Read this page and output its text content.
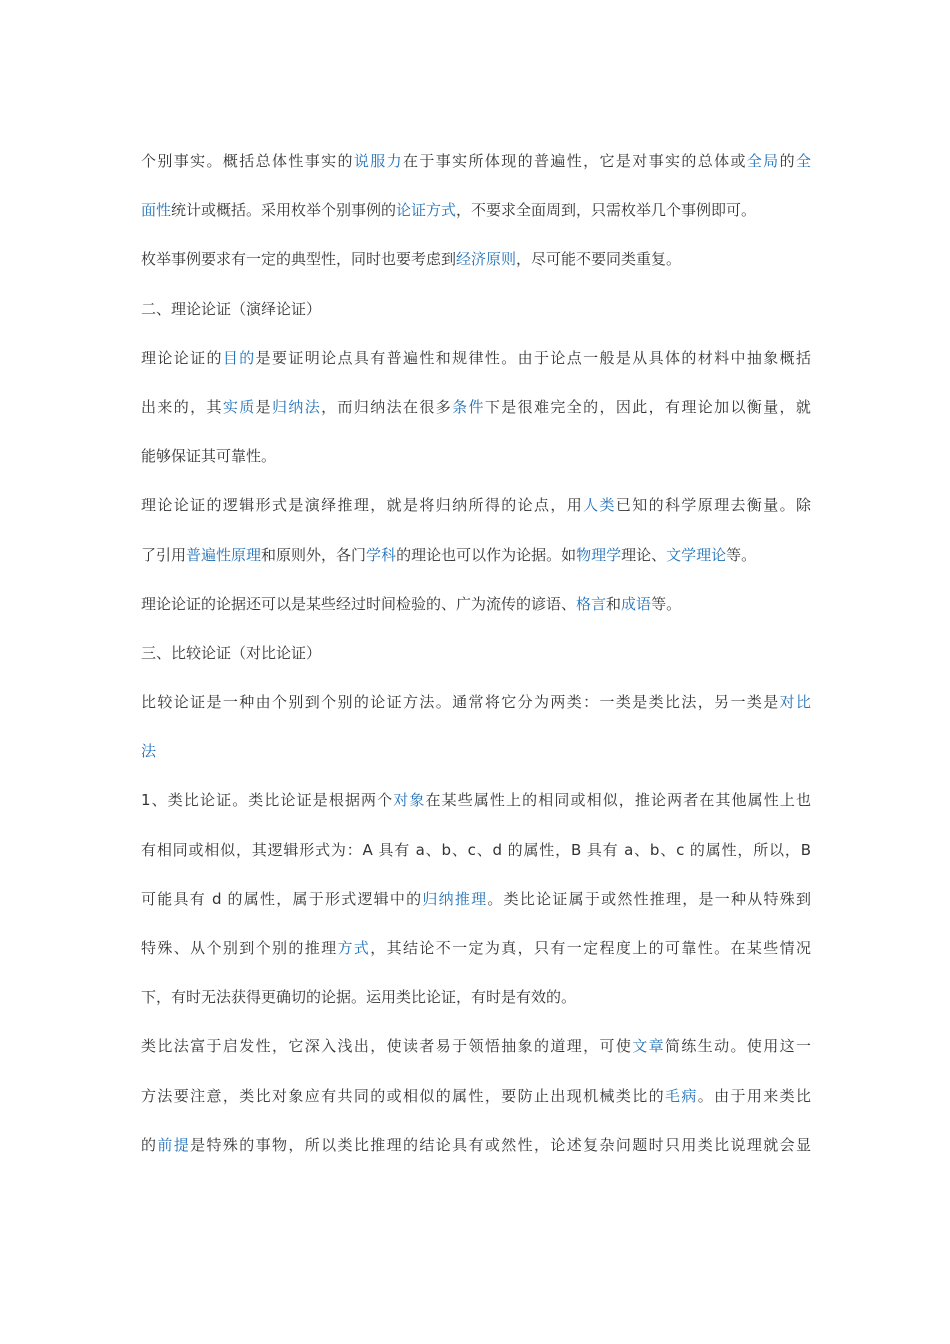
个别事实。概括总体性事实的说服力在于事实所体现的普遍性，它是对事实的总体或全局的全
面性统计或概括。采用枚举个别事例的论证方式，不要求全面周到，只需枚举几个事例即可。
枚举事例要求有一定的典型性，同时也要考虑到经济原则，尽可能不要同类重复。
二、理论论证（演绎论证）
理论论证的目的是要证明论点具有普遍性和规律性。由于论点一般是从具体的材料中抽象概括
出来的，其实质是归纳法，而归纳法在很多条件下是很难完全的，因此，有理论加以衡量，就
能够保证其可靠性。
理论论证的逻辑形式是演绎推理，就是将归纳所得的论点，用人类已知的科学原理去衡量。除
了引用普遍性原理和原则外，各门学科的理论也可以作为论据。如物理学理论、文学理论等。
理论论证的论据还可以是某些经过时间检验的、广为流传的谚语、格言和成语等。
三、比较论证（对比论证）
比较论证是一种由个别到个别的论证方法。通常将它分为两类：一类是类比法，另一类是对比
法
1、类比论证。类比论证是根据两个对象在某些属性上的相同或相似，推论两者在其他属性上也
有相同或相似，其逻辑形式为：A 具有 a、b、c、d 的属性，B 具有 a、b、c 的属性，所以，B
可能具有 d 的属性，属于形式逻辑中的归纳推理。类比论证属于或然性推理，是一种从特殊到
特殊、从个别到个别的推理方式，其结论不一定为真，只有一定程度上的可靠性。在某些情况
下，有时无法获得更确切的论据。运用类比论证，有时是有效的。
类比法富于启发性，它深入浅出，使读者易于领悟抽象的道理，可使文章简练生动。使用这一
方法要注意，类比对象应有共同的或相似的属性，要防止出现机械类比的毛病。由于用来类比
的前提是特殊的事物，所以类比推理的结论具有或然性，论述复杂问题时只用类比说理就会显
